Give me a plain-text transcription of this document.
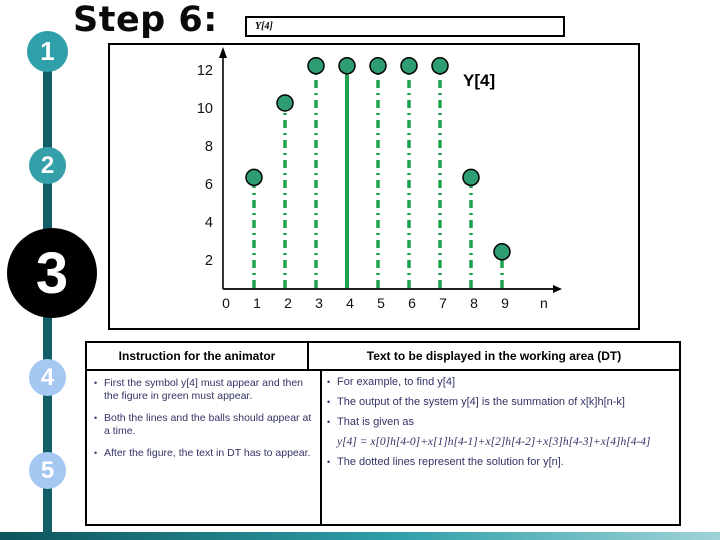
1
2
3
4
5
Step 6:	Y[4]
12
10
8
6
4
2
0 1 2 3 4 5 6 7 8 9 n
Y[4]
Instruction for the animator	Text to be displayed in the working area (DT)
• First the symbol y[4] must appear and then the figure in green must appear.
• Both the lines and the balls should appear at a time.
• After the figure, the text in DT has to appear.
• For example, to find y[4]
• The output of the system y[4] is the summation of x[k]h[n-k]
• That is given as
y[4] = x[0]h[4-0]+x[1]h[4-1]+x[2]h[4-2]+x[3]h[4-3]+x[4]h[4-4]
• The dotted lines represent the solution for y[n].
